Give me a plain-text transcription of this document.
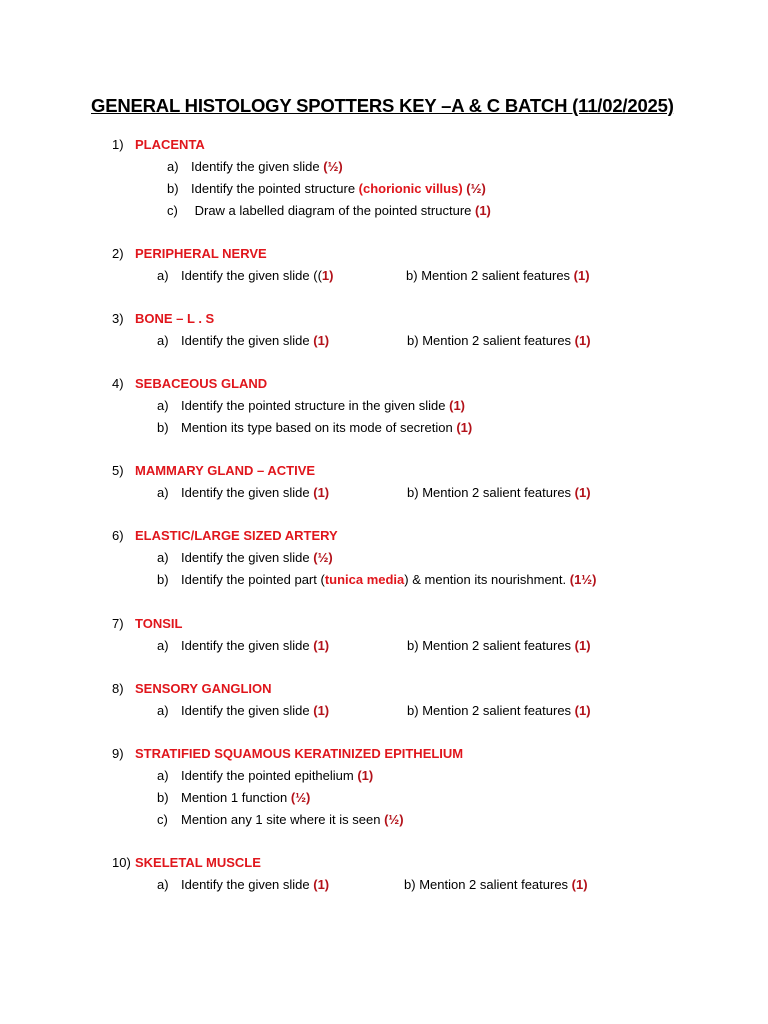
GENERAL HISTOLOGY SPOTTERS KEY –A & C BATCH (11/02/2025)
1) PLACENTA
a) Identify the given slide (½)
b) Identify the pointed structure (chorionic villus) (½)
c) Draw a labelled diagram of the pointed structure (1)
2) PERIPHERAL NERVE
a) Identify the given slide ((1)	b) Mention 2 salient features (1)
3) BONE – L . S
a) Identify the given slide (1)	b) Mention 2 salient features (1)
4) SEBACEOUS GLAND
a) Identify the pointed structure in the given slide (1)
b) Mention its type based on its mode of secretion (1)
5) MAMMARY GLAND – ACTIVE
a) Identify the given slide (1)	b) Mention 2 salient features (1)
6) ELASTIC/LARGE SIZED ARTERY
a) Identify the given slide (½)
b) Identify the pointed part (tunica media) & mention its nourishment. (1½)
7) TONSIL
a) Identify the given slide (1)	b) Mention 2 salient features (1)
8) SENSORY GANGLION
a) Identify the given slide (1)	b) Mention 2 salient features (1)
9) STRATIFIED SQUAMOUS KERATINIZED EPITHELIUM
a) Identify the pointed epithelium (1)
b) Mention 1 function (½)
c) Mention any 1 site where it is seen (½)
10) SKELETAL MUSCLE
a) Identify the given slide (1)	b) Mention 2 salient features (1)
